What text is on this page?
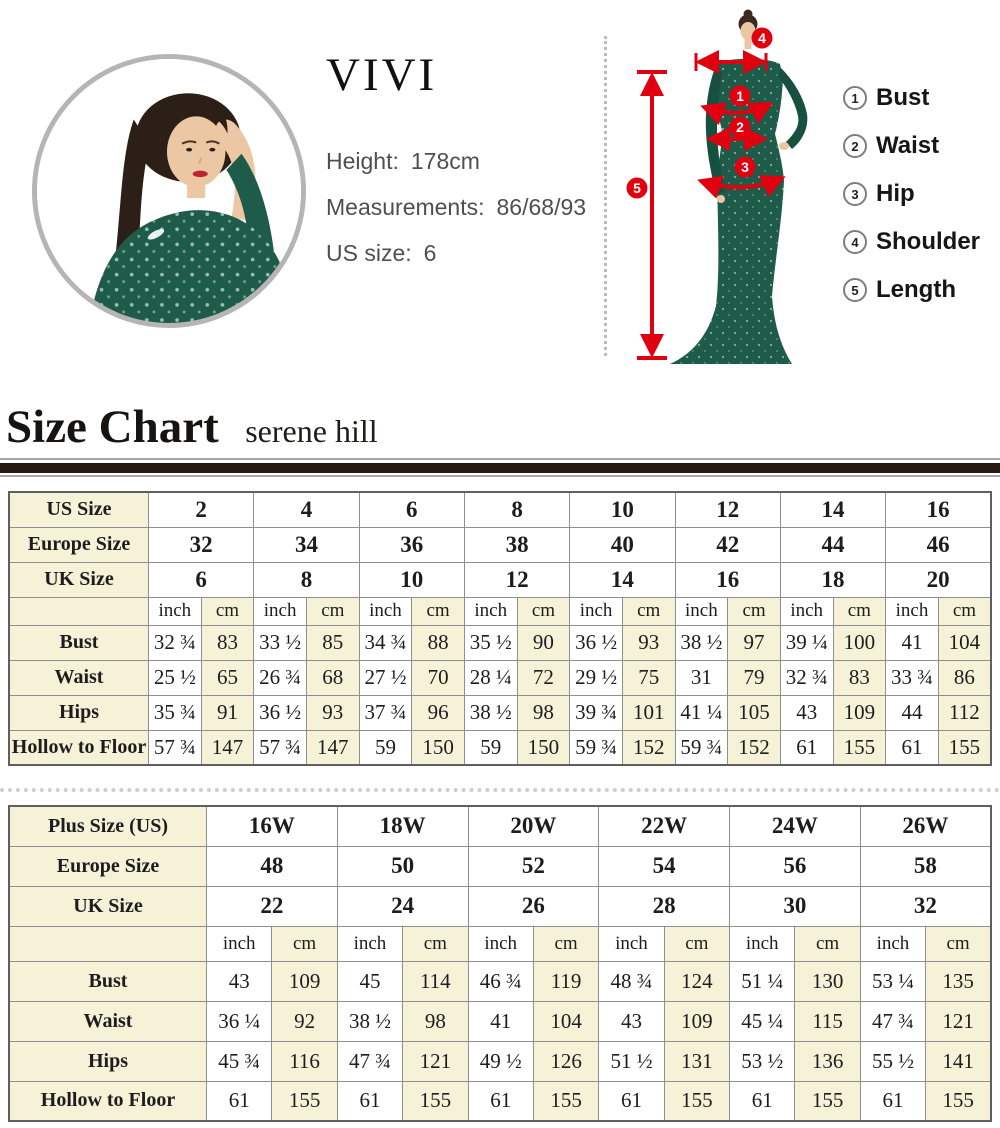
VIVI
Height: 178cm
Measurements: 86/68/93
US size: 6
1
2
3
4
5
1 Bust
2 Waist
3 Hip
4 Shoulder
5 Length
Size Chart serene hill
US Size	2		4		6		8		10		12		14		16	
Europe Size	32		34		36		38		40		42		44		46	
UK Size	6		8		10		12		14		16		18		20	
	inch	cm	inch	cm	inch	cm	inch	cm	inch	cm	inch	cm	inch	cm	inch	cm
Bust	32 ¾	83	33 ½	85	34 ¾	88	35 ½	90	36 ½	93	38 ½	97	39 ¼	100	41	104
Waist	25 ½	65	26 ¾	68	27 ½	70	28 ¼	72	29 ½	75	31	79	32 ¾	83	33 ¾	86
Hips	35 ¾	91	36 ½	93	37 ¾	96	38 ½	98	39 ¾	101	41 ¼	105	43	109	44	112
Hollow to Floor	57 ¾	147	57 ¾	147	59	150	59	150	59 ¾	152	59 ¾	152	61	155	61	155
Plus Size (US)	16W		18W		20W		22W		24W		26W	
Europe Size	48		50		52		54		56		58	
UK Size	22		24		26		28		30		32	
	inch	cm	inch	cm	inch	cm	inch	cm	inch	cm	inch	cm
Bust	43	109	45	114	46 ¾	119	48 ¾	124	51 ¼	130	53 ¼	135
Waist	36 ¼	92	38 ½	98	41	104	43	109	45 ¼	115	47 ¾	121
Hips	45 ¾	116	47 ¾	121	49 ½	126	51 ½	131	53 ½	136	55 ½	141
Hollow to Floor	61	155	61	155	61	155	61	155	61	155	61	155
